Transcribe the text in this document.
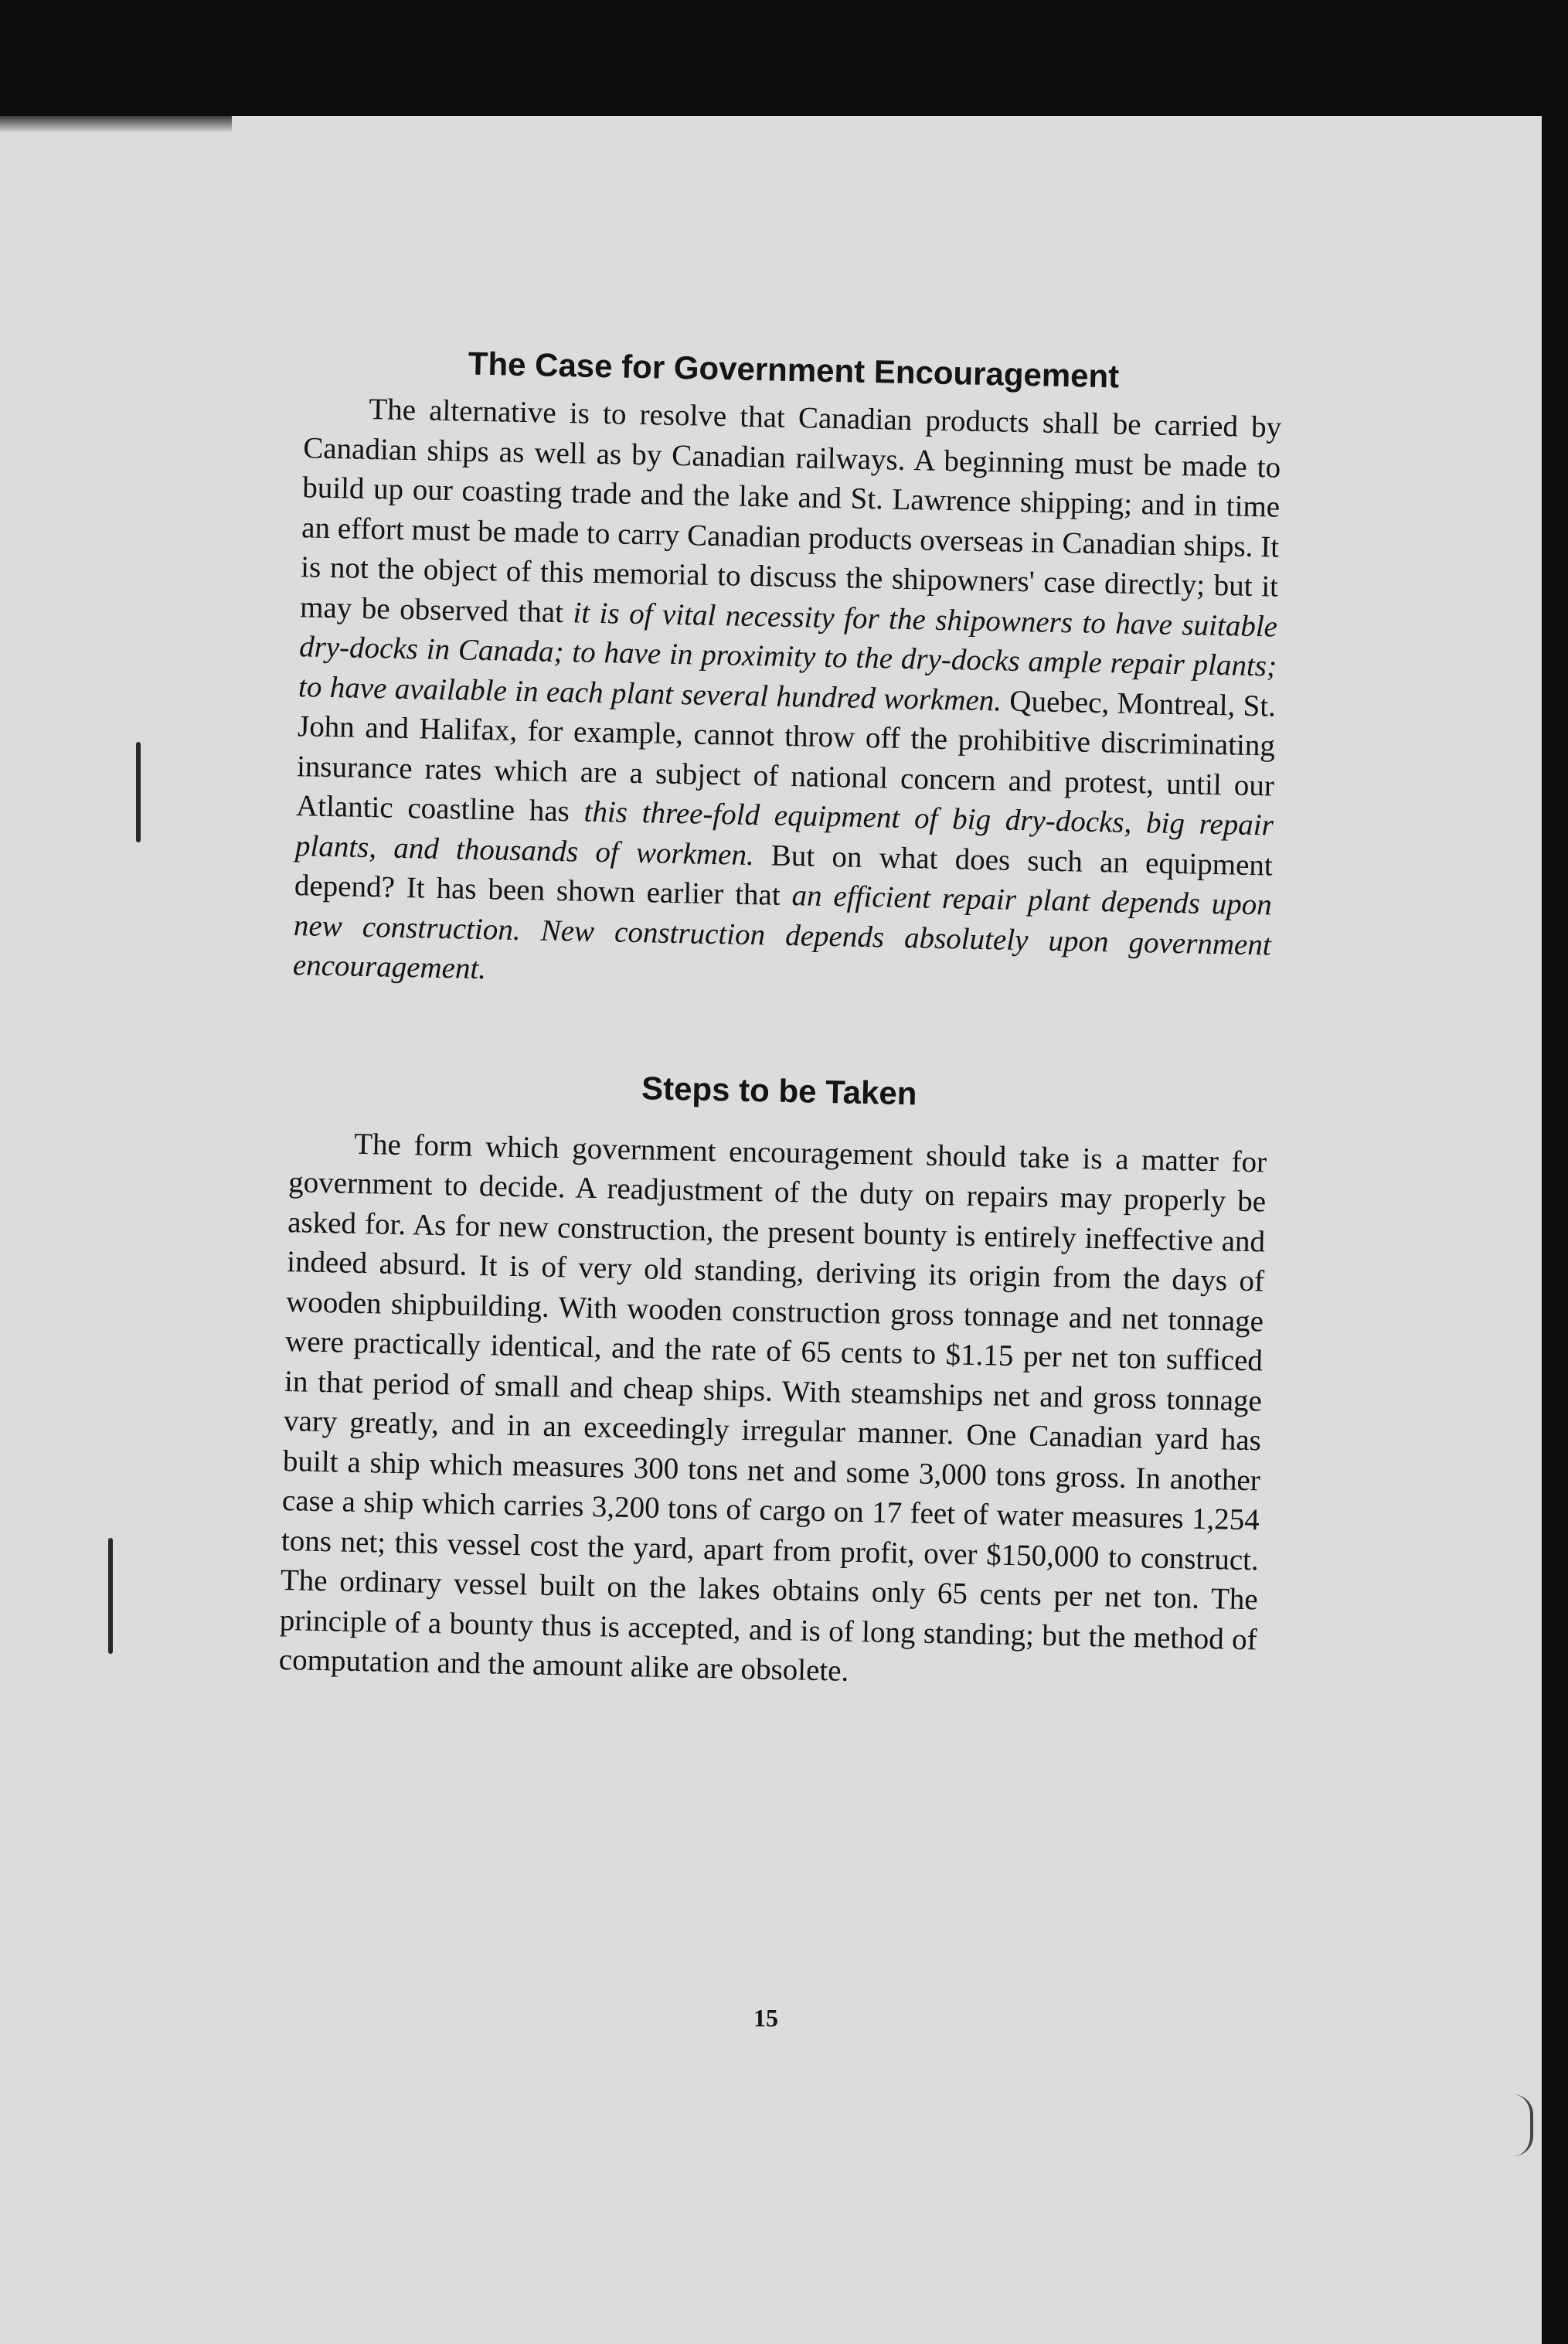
The Case for Government Encouragement

The alternative is to resolve that Canadian products shall be carried by Canadian ships as well as by Canadian railways. A beginning must be made to build up our coasting trade and the lake and St. Lawrence shipping; and in time an effort must be made to carry Canadian products overseas in Canadian ships. It is not the object of this memorial to discuss the shipowners' case directly; but it may be observed that it is of vital necessity for the shipowners to have suitable dry-docks in Canada; to have in proximity to the dry-docks ample repair plants; to have available in each plant several hundred workmen. Quebec, Montreal, St. John and Halifax, for example, cannot throw off the prohibitive discriminating insurance rates which are a subject of national concern and protest, until our Atlantic coastline has this three-fold equipment of big dry-docks, big repair plants, and thousands of workmen. But on what does such an equipment depend? It has been shown earlier that an efficient repair plant depends upon new construction. New construction depends absolutely upon government encouragement.

Steps to be Taken

The form which government encouragement should take is a matter for government to decide. A readjustment of the duty on repairs may properly be asked for. As for new construction, the present bounty is entirely ineffective and indeed absurd. It is of very old standing, deriving its origin from the days of wooden shipbuilding. With wooden construction gross tonnage and net tonnage were practically identical, and the rate of 65 cents to $1.15 per net ton sufficed in that period of small and cheap ships. With steamships net and gross tonnage vary greatly, and in an exceedingly irregular manner. One Canadian yard has built a ship which measures 300 tons net and some 3,000 tons gross. In another case a ship which carries 3,200 tons of cargo on 17 feet of water measures 1,254 tons net; this vessel cost the yard, apart from profit, over $150,000 to construct. The ordinary vessel built on the lakes obtains only 65 cents per net ton. The principle of a bounty thus is accepted, and is of long standing; but the method of computation and the amount alike are obsolete.

15
